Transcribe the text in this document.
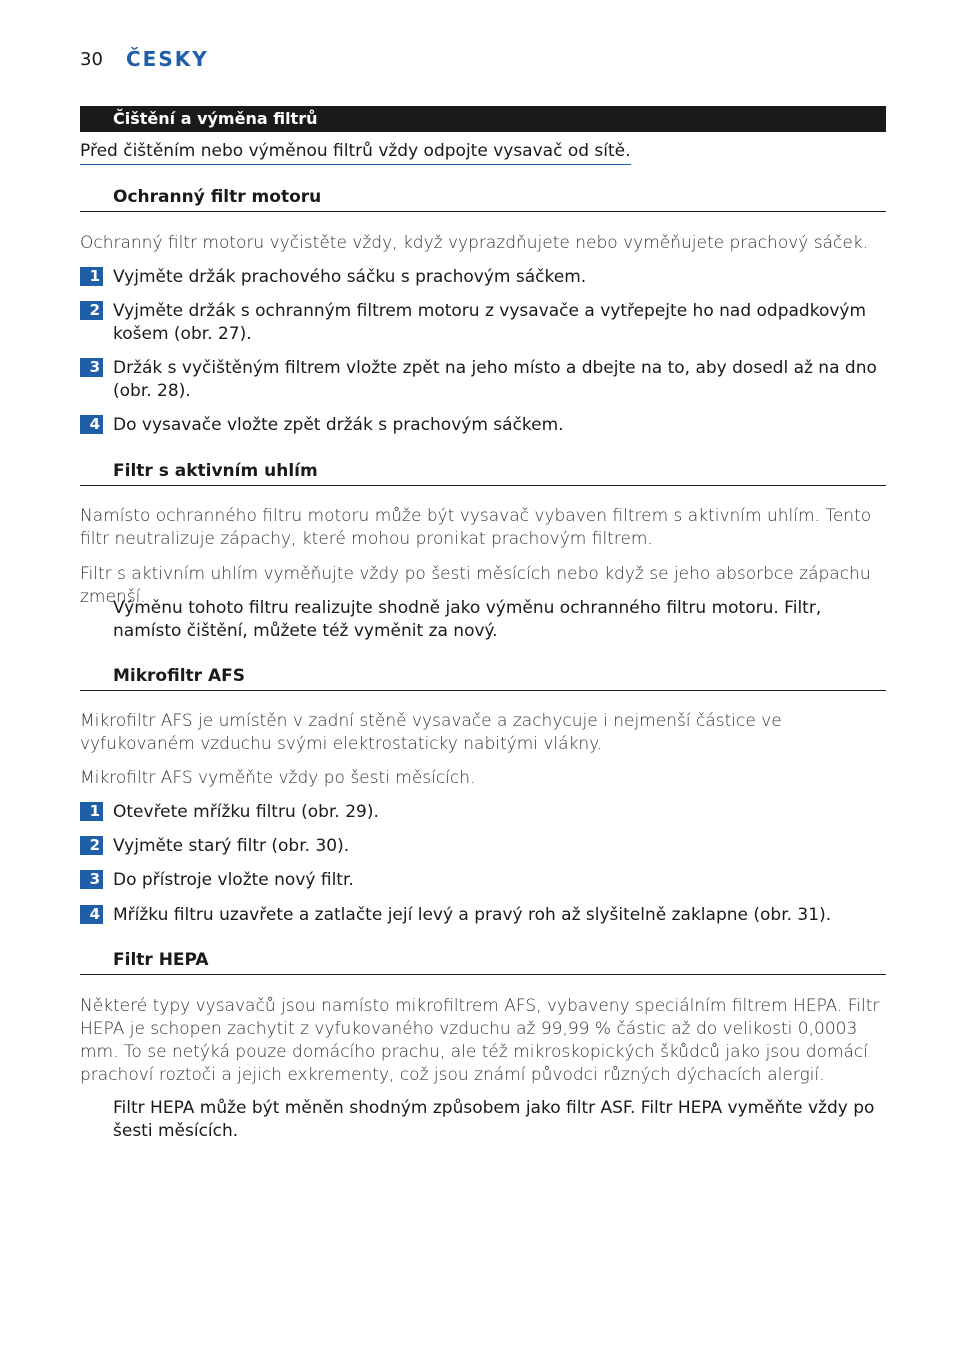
30 ČESKY
Čištění a výměna filtrů
Před čištěním nebo výměnou filtrů vždy odpojte vysavač od sítě.
Ochranný filtr motoru
Ochranný filtr motoru vyčistěte vždy, když vyprazdňujete nebo vyměňujete prachový sáček.
1 Vyjměte držák prachového sáčku s prachovým sáčkem.
2 Vyjměte držák s ochranným filtrem motoru z vysavače a vytřepejte ho nad odpadkovým košem (obr. 27).
3 Držák s vyčištěným filtrem vložte zpět na jeho místo a dbejte na to, aby dosedl až na dno (obr. 28).
4 Do vysavače vložte zpět držák s prachovým sáčkem.
Filtr s aktivním uhlím
Namísto ochranného filtru motoru může být vysavač vybaven filtrem s aktivním uhlím. Tento filtr neutralizuje zápachy, které mohou pronikat prachovým filtrem.
Filtr s aktivním uhlím vyměňujte vždy po šesti měsících nebo když se jeho absorbce zápachu zmenší.
Výměnu tohoto filtru realizujte shodně jako výměnu ochranného filtru motoru. Filtr, namísto čištění, můžete též vyměnit za nový.
Mikrofiltr AFS
Mikrofiltr AFS je umístěn v zadní stěně vysavače a zachycuje i nejmenší částice ve vyfukovaném vzduchu svými elektrostaticky nabitými vlákny.
Mikrofiltr AFS vyměňte vždy po šesti měsících.
1 Otevřete mřížku filtru (obr. 29).
2 Vyjměte starý filtr (obr. 30).
3 Do přístroje vložte nový filtr.
4 Mřížku filtru uzavřete a zatlačte její levý a pravý roh až slyšitelně zaklapne (obr. 31).
Filtr HEPA
Některé typy vysavačů jsou namísto mikrofiltrem AFS, vybaveny speciálním filtrem HEPA. Filtr HEPA je schopen zachytit z vyfukovaného vzduchu až 99,99 % částic až do velikosti 0,0003 mm. To se netýká pouze domácího prachu, ale též mikroskopických škůdců jako jsou domácí prachoví roztoči a jejich exkrementy, což jsou známí původci různých dýchacích alergií.
Filtr HEPA může být měněn shodným způsobem jako filtr ASF. Filtr HEPA vyměňte vždy po šesti měsících.
